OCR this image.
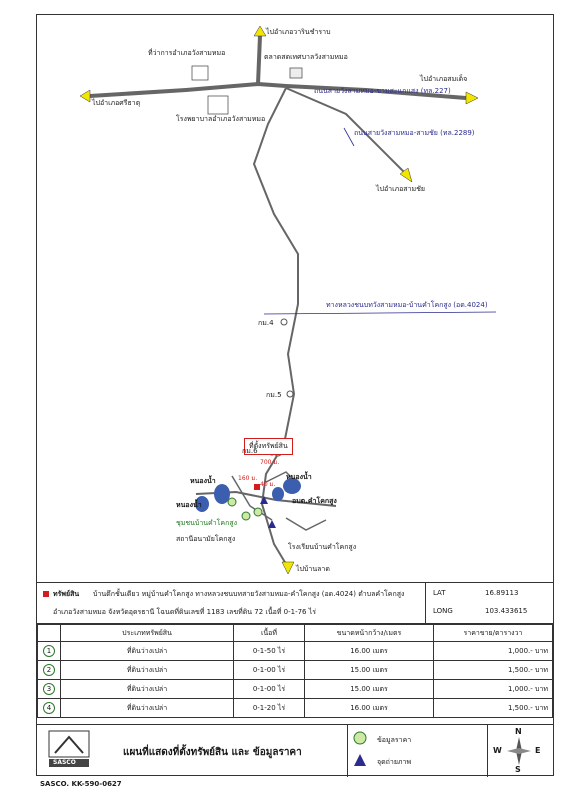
ไปอำเภอวารินชำราบ
ที่ว่าการอำเภอวังสามหมอ	ตลาดสดเทศบาลวังสามหมอ
ไปอำเภอสมเด็จ
ถนนสายวังสามหมอ-ขามสะแกแสง (ทล.227)
ไปอำเภอศรีธาตุ
โรงพยาบาลอำเภอวังสามหมอ
ถนนสายวังสามหมอ-สามชัย (ทล.2289)
ไปอำเภอสามชัย
ทางหลวงชนบทวังสามหมอ-บ้านคำโคกสูง (อด.4024)
กม.4
กม.5
ที่ตั้งทรัพย์สิน
กม.6
700 ม.
160 ม.
40 ม.
หนองน้ำ	หนองน้ำ
หนองน้ำ	อบต.คำโคกสูง
ชุมชนบ้านคำโคกสูง
สถานีอนามัยโคกสูง
โรงเรียนบ้านคำโคกสูง
ไปบ้านลาด
ทรัพย์สิน บ้านตึกชั้นเดียว หมู่บ้านคำโคกสูง ทางหลวงชนบทสายวังสามหมอ-คำโคกสูง (อด.4024) ตำบลคำโคกสูง
อำเภอวังสามหมอ จังหวัดอุดรธานี โฉนดที่ดินเลขที่ 1183 เลขที่ดิน 72 เนื้อที่ 0-1-76 ไร่
LAT	16.89113
LONG	103.433615
	ประเภททรัพย์สิน	เนื้อที่	ขนาดหน้ากว้าง/เมตร	ราคาขาย/ตารางวา
1	ที่ดินว่างเปล่า	0-1-50 ไร่	16.00 เมตร	1,000.- บาท
2	ที่ดินว่างเปล่า	0-1-00 ไร่	15.00 เมตร	1,500.- บาท
3	ที่ดินว่างเปล่า	0-1-00 ไร่	15.00 เมตร	1,000.- บาท
4	ที่ดินว่างเปล่า	0-1-20 ไร่	16.00 เมตร	1,500.- บาท
SASCO
แผนที่แสดงที่ตั้งทรัพย์สิน และ ข้อมูลราคา
ข้อมูลราคา
จุดถ่ายภาพ
N
S
E
W
SASCO. KK-590-0627
